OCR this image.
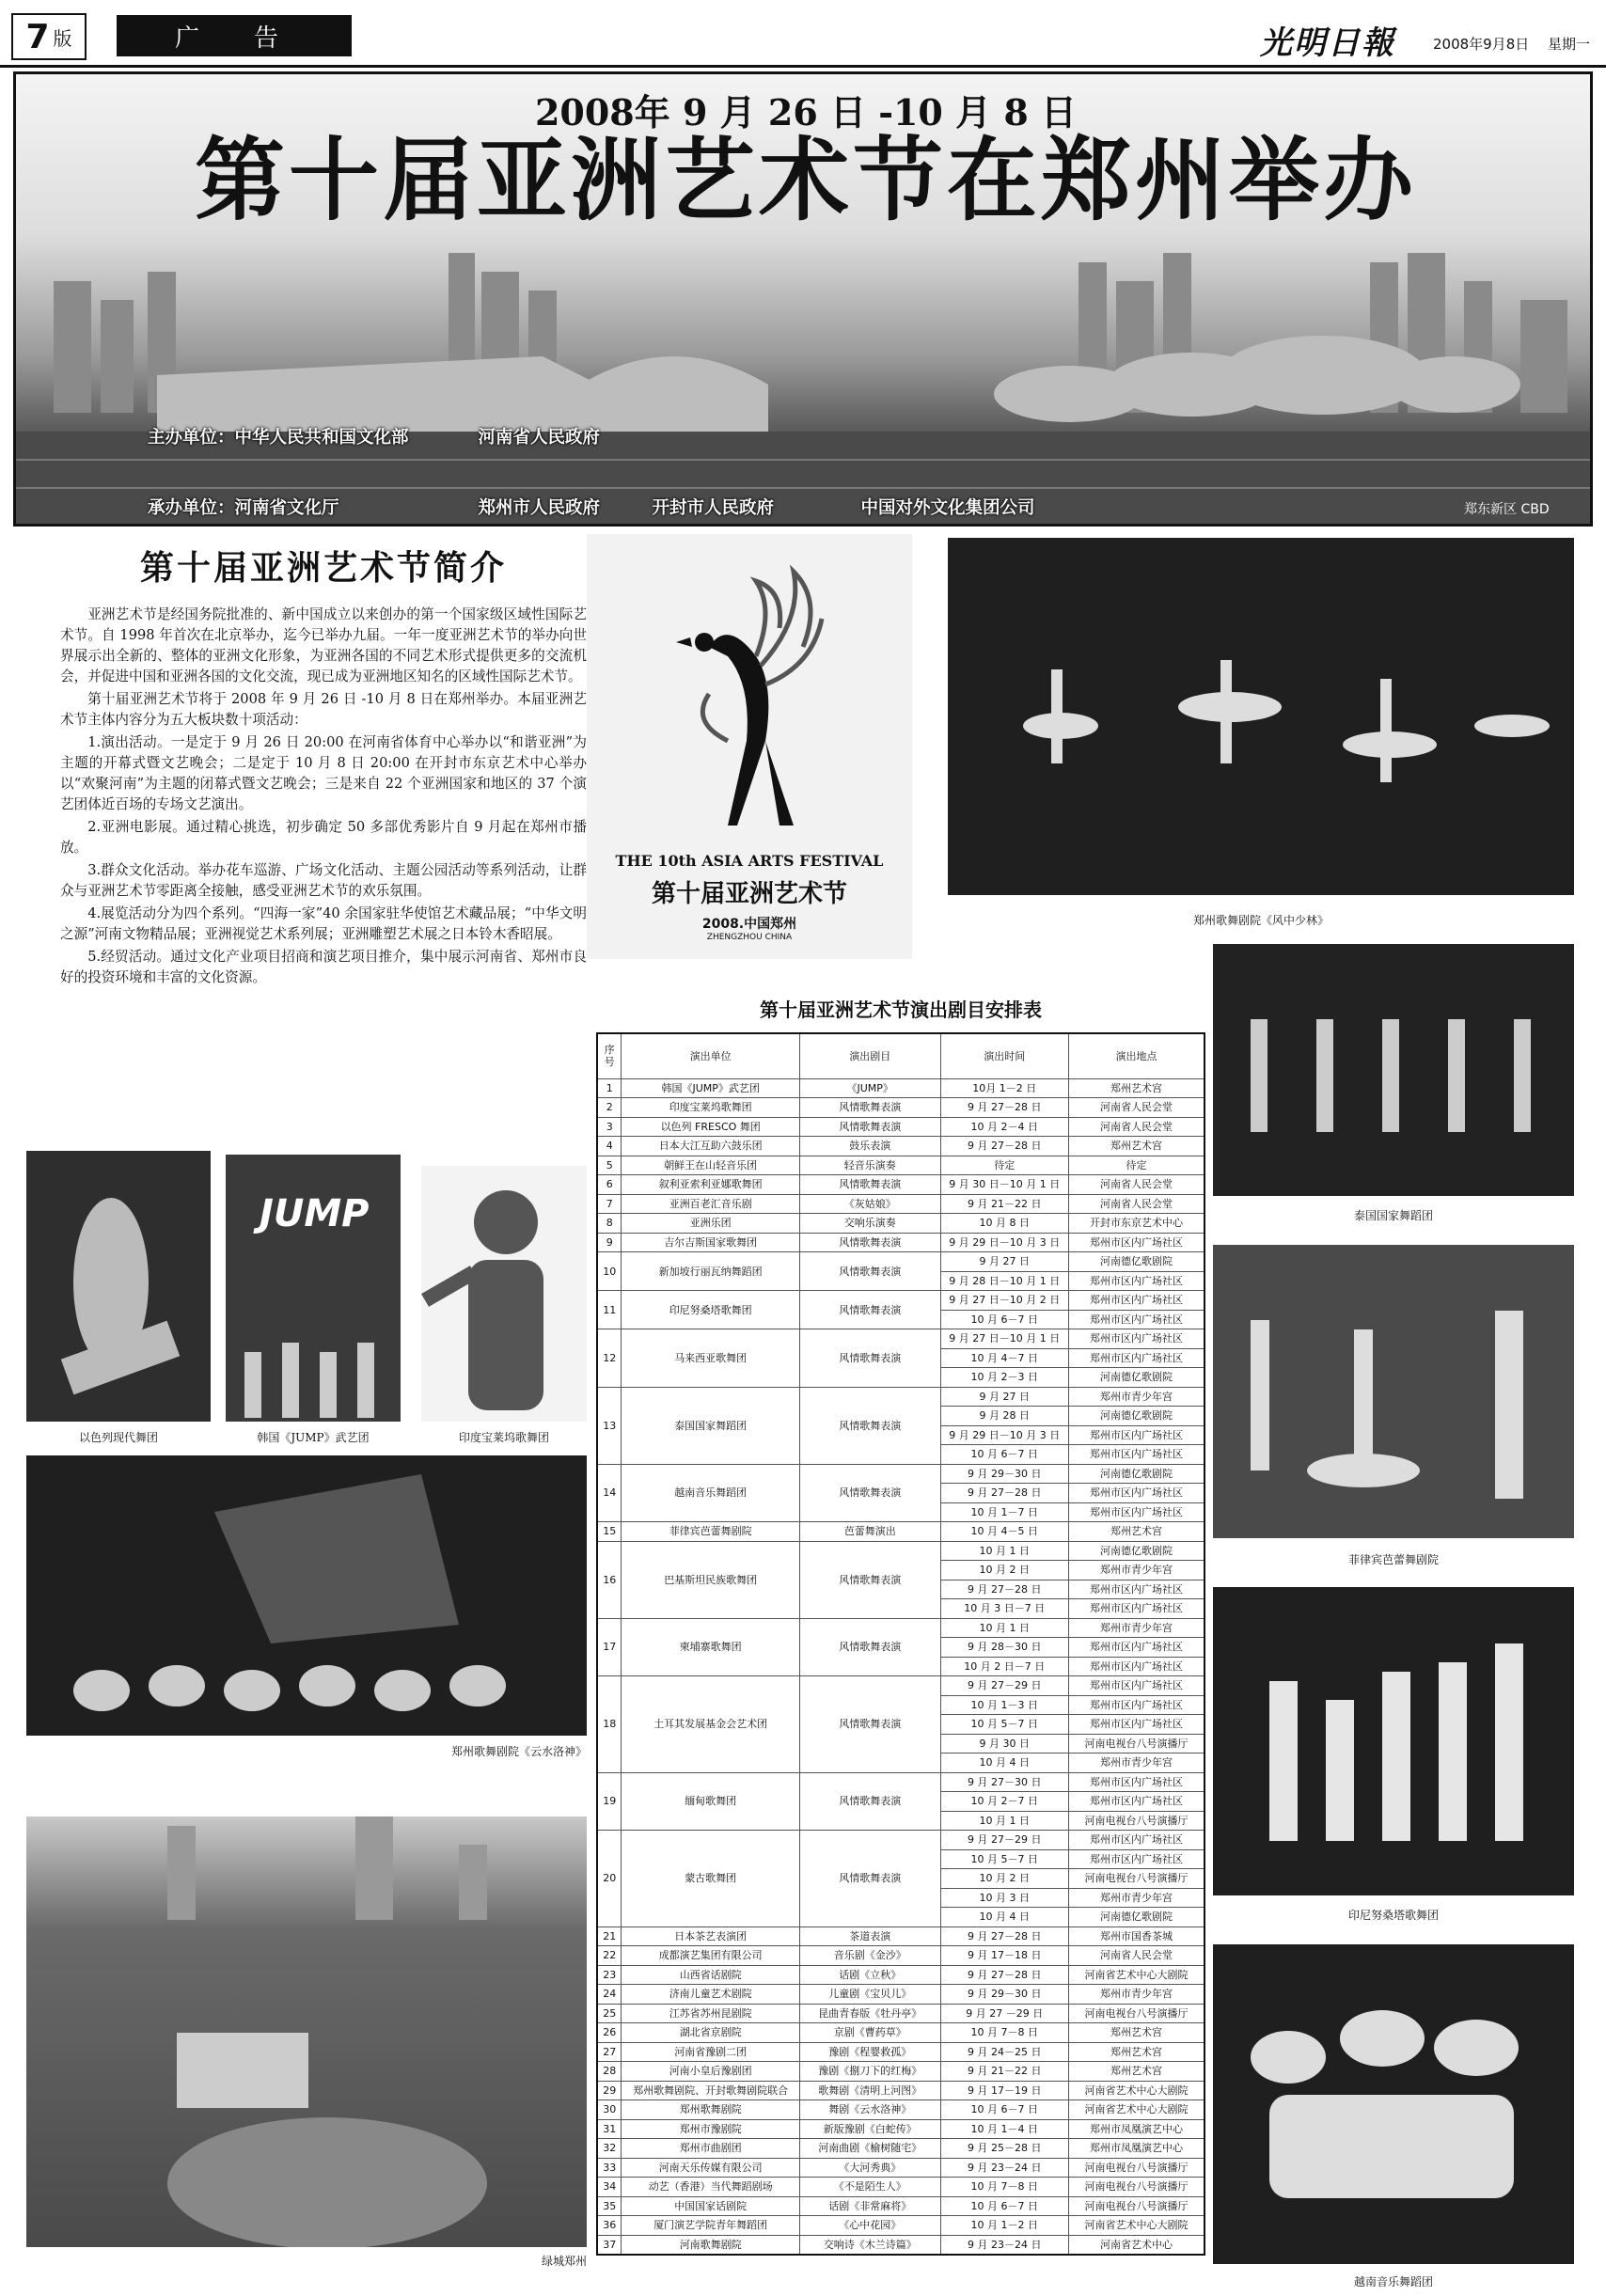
7 版	广　告	光明日報	2008年9月8日 星期一
2008年 9 月 26 日 -10 月 8 日
第十届亚洲艺术节在郑州举办

主办单位：中华人民共和国文化部　　　　河南省人民政府

承办单位：河南省文化厅　　　　　　　　郑州市人民政府　　　开封市人民政府　　　　　中国对外文化集团公司

	郑东新区 CBD
第十届亚洲艺术节简介

亚洲艺术节是经国务院批准的、新中国成立以来创办的第一个国家级区域性国际艺术节。自 1998 年首次在北京举办，迄今已举办九届。一年一度亚洲艺术节的举办向世界展示出全新的、整体的亚洲文化形象，为亚洲各国的不同艺术形式提供更多的交流机会，并促进中国和亚洲各国的文化交流，现已成为亚洲地区知名的区域性国际艺术节。

第十届亚洲艺术节将于 2008 年 9 月 26 日 -10 月 8 日在郑州举办。本届亚洲艺术节主体内容分为五大板块数十项活动：

1.演出活动。一是定于 9 月 26 日 20:00 在河南省体育中心举办以“和谐亚洲”为主题的开幕式暨文艺晚会；二是定于 10 月 8 日 20:00 在开封市东京艺术中心举办以“欢聚河南”为主题的闭幕式暨文艺晚会；三是来自 22 个亚洲国家和地区的 37 个演艺团体近百场的专场文艺演出。

2.亚洲电影展。通过精心挑选，初步确定 50 多部优秀影片自 9 月起在郑州市播放。

3.群众文化活动。举办花车巡游、广场文化活动、主题公园活动等系列活动，让群众与亚洲艺术节零距离全接触，感受亚洲艺术节的欢乐氛围。

4.展览活动分为四个系列。“四海一家”40 余国家驻华使馆艺术藏品展；“中华文明之源”河南文物精品展；亚洲视觉艺术系列展；亚洲雕塑艺术展之日本铃木香昭展。

5.经贸活动。通过文化产业项目招商和演艺项目推介，集中展示河南省、郑州市良好的投资环境和丰富的文化资源。

THE 10th ASIA ARTS FESTIVAL
第十届亚洲艺术节
2008.中国郑州
ZHENGZHOU CHINA
郑州歌舞剧院《风中少林》
泰国国家舞蹈团
菲律宾芭蕾舞剧院
印尼努桑塔歌舞团
越南音乐舞蹈团
以色列现代舞团
JUMP
韩国《JUMP》武艺团	印度宝莱坞歌舞团
郑州歌舞剧院《云水洛神》
绿城郑州
第十届亚洲艺术节演出剧目安排表
序号	演出单位	演出剧目	演出时间	演出地点
1	韩国《JUMP》武艺团	《JUMP》	10月 1－2 日	郑州艺术宫
2	印度宝莱坞歌舞团	风情歌舞表演	9 月 27－28 日	河南省人民会堂
3	以色列 FRESCO 舞团	风情歌舞表演	10 月 2－4 日	河南省人民会堂
4	日本大江互助六鼓乐团	鼓乐表演	9 月 27－28 日	郑州艺术宫
5	朝鲜王在山轻音乐团	轻音乐演奏	待定	待定
6	叙利亚索利亚娜歌舞团	风情歌舞表演	9 月 30 日－10 月 1 日	河南省人民会堂
7	亚洲百老汇音乐剧	《灰姑娘》	9 月 21－22 日	河南省人民会堂
8	亚洲乐团	交响乐演奏	10 月 8 日	开封市东京艺术中心
9	吉尔吉斯国家歌舞团	风情歌舞表演	9 月 29 日－10 月 3 日	郑州市区内广场社区
10	新加坡行丽瓦纳舞蹈团	风情歌舞表演	9 月 27 日	河南德亿歌剧院
			9 月 28 日－10 月 1 日	郑州市区内广场社区
11	印尼努桑塔歌舞团	风情歌舞表演	9 月 27 日－10 月 2 日	郑州市区内广场社区
			10 月 6－7 日	郑州市区内广场社区
12	马来西亚歌舞团	风情歌舞表演	9 月 27 日－10 月 1 日	郑州市区内广场社区
			10 月 4－7 日	郑州市区内广场社区
			10 月 2－3 日	河南德亿歌剧院
13	泰国国家舞蹈团	风情歌舞表演	9 月 27 日	郑州市青少年宫
			9 月 28 日	河南德亿歌剧院
			9 月 29 日－10 月 3 日	郑州市区内广场社区
			10 月 6－7 日	郑州市区内广场社区
14	越南音乐舞蹈团	风情歌舞表演	9 月 29－30 日	河南德亿歌剧院
			9 月 27－28 日	郑州市区内广场社区
			10 月 1－7 日	郑州市区内广场社区
15	菲律宾芭蕾舞剧院	芭蕾舞演出	10 月 4－5 日	郑州艺术宫
16	巴基斯坦民族歌舞团	风情歌舞表演	10 月 1 日	河南德亿歌剧院
			10 月 2 日	郑州市青少年宫
			9 月 27－28 日	郑州市区内广场社区
			10 月 3 日－7 日	郑州市区内广场社区
17	柬埔寨歌舞团	风情歌舞表演	10 月 1 日	郑州市青少年宫
			9 月 28－30 日	郑州市区内广场社区
			10 月 2 日－7 日	郑州市区内广场社区
18	土耳其发展基金会艺术团	风情歌舞表演	9 月 27－29 日	郑州市区内广场社区
			10 月 1－3 日	郑州市区内广场社区
			10 月 5－7 日	郑州市区内广场社区
			9 月 30 日	河南电视台八号演播厅
			10 月 4 日	郑州市青少年宫
19	缅甸歌舞团	风情歌舞表演	9 月 27－30 日	郑州市区内广场社区
			10 月 2－7 日	郑州市区内广场社区
			10 月 1 日	河南电视台八号演播厅
20	蒙古歌舞团	风情歌舞表演	9 月 27－29 日	郑州市区内广场社区
			10 月 5－7 日	郑州市区内广场社区
			10 月 2 日	河南电视台八号演播厅
			10 月 3 日	郑州市青少年宫
			10 月 4 日	河南德亿歌剧院
21	日本茶艺表演团	茶道表演	9 月 27－28 日	郑州市国香茶城
22	成都演艺集团有限公司	音乐剧《金沙》	9 月 17－18 日	河南省人民会堂
23	山西省话剧院	话剧《立秋》	9 月 27－28 日	河南省艺术中心大剧院
24	济南儿童艺术剧院	儿童剧《宝贝儿》	9 月 29－30 日	郑州市青少年宫
25	江苏省苏州昆剧院	昆曲青春版《牡丹亭》	9 月 27 －29 日	河南电视台八号演播厅
26	湖北省京剧院	京剧《曹药草》	10 月 7－8 日	郑州艺术宫
27	河南省豫剧二团	豫剧《程婴救孤》	9 月 24－25 日	郑州艺术宫
28	河南小皇后豫剧团	豫剧《捌刀下的红梅》	9 月 21－22 日	郑州艺术宫
29	郑州歌舞剧院、开封歌舞剧院联合	歌舞剧《清明上河图》	9 月 17－19 日	河南省艺术中心大剧院
30	郑州歌舞剧院	舞剧《云水洛神》	10 月 6－7 日	河南省艺术中心大剧院
31	郑州市豫剧院	新版豫剧《白蛇传》	10 月 1－4 日	郑州市凤凰演艺中心
32	郑州市曲剧团	河南曲剧《榆树随宅》	9 月 25－28 日	郑州市凤凰演艺中心
33	河南天乐传媒有限公司	《大河秀典》	9 月 23－24 日	河南电视台八号演播厅
34	动艺（香港）当代舞蹈剧场	《不是陌生人》	10 月 7－8 日	河南电视台八号演播厅
35	中国国家话剧院	话剧《非常麻将》	10 月 6－7 日	河南电视台八号演播厅
36	厦门演艺学院青年舞蹈团	《心中花园》	10 月 1－2 日	河南省艺术中心大剧院
37	河南歌舞剧院	交响诗《木兰诗篇》	9 月 23－24 日	河南省艺术中心
